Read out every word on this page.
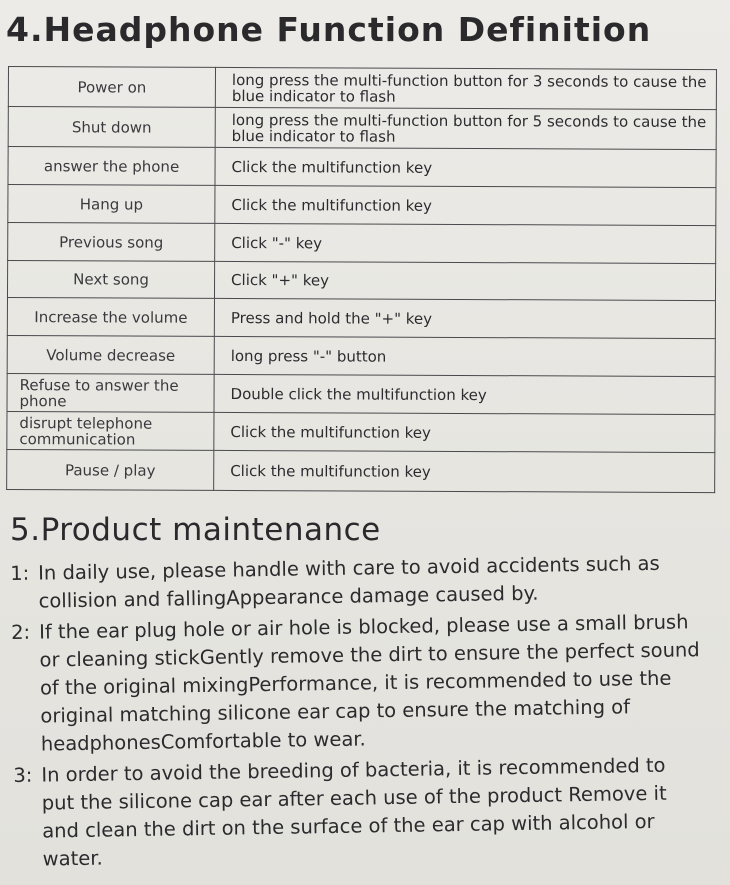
4.Headphone Function Definition
Power on	long press the multi-function button for 3 seconds to cause the blue indicator to flash
Shut down	long press the multi-function button for 5 seconds to cause the blue indicator to flash
answer the phone	Click the multifunction key
Hang up	Click the multifunction key
Previous song	Click "-" key
Next song	Click "+" key
Increase the volume	Press and hold the "+" key
Volume decrease	long press "-" button
Refuse to answer the phone	Double click the multifunction key
disrupt telephone communication	Click the multifunction key
Pause / play	Click the multifunction key
5.Product maintenance
1: In daily use, please handle with care to avoid accidents such as collision and fallingAppearance damage caused by.
2: If the ear plug hole or air hole is blocked, please use a small brush or cleaning stickGently remove the dirt to ensure the perfect sound of the original mixingPerformance, it is recommended to use the original matching silicone ear cap to ensure the matching of headphonesComfortable to wear.
3: In order to avoid the breeding of bacteria, it is recommended to put the silicone cap ear after each use of the product Remove it and clean the dirt on the surface of the ear cap with alcohol or water.
